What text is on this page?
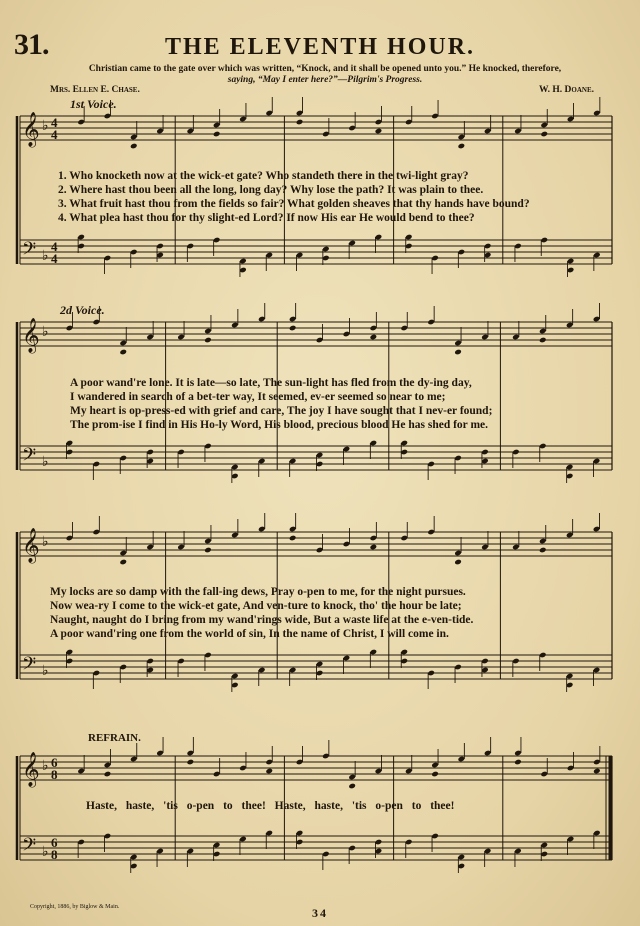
31.	THE ELEVENTH HOUR.
Christian came to the gate over which was written, “Knock, and it shall be opened unto you.” He knocked, therefore,
saying, “May I enter here?”—Pilgrim's Progress.
Mrs. Ellen E. Chase.	W. H. Doane.
1st Voice.
2d Voice.
REFRAIN.
1. Who knocketh now at the wick-et gate? Who standeth there in the twi-light gray?
2. Where hast thou been all the long, long day? Why lose the path? It was plain to thee.
3. What fruit hast thou from the fields so fair? What golden sheaves that thy hands have bound?
4. What plea hast thou for thy slight-ed Lord? If now His ear He would bend to thee?
A poor wand're lone. It is late—so late, The sun-light has fled from the dy-ing day,
I wandered in search of a bet-ter way, It seemed, ev-er seemed so near to me;
My heart is op-press-ed with grief and care, The joy I have sought that I nev-er found;
The prom-ise I find in His Ho-ly Word, His blood, precious blood He has shed for me.
My locks are so damp with the fall-ing dews, Pray o-pen to me, for the night pursues.
Now wea-ry I come to the wick-et gate, And ven-ture to knock, tho' the hour be late;
Naught, naught do I bring from my wand'rings wide, But a waste life at the e-ven-tide.
A poor wand'ring one from the world of sin, In the name of Christ, I will come in.
Haste, haste, 'tis o-pen to thee! Haste, haste, 'tis o-pen to thee!
𝄞
𝄢
♭
♭
4
4
4
4
𝄞
𝄢
♭
♭
𝄞
𝄢
♭
♭
𝄞
𝄢
♭
♭
6
8
6
8
Copyright, 1886, by Biglow & Main.	34
